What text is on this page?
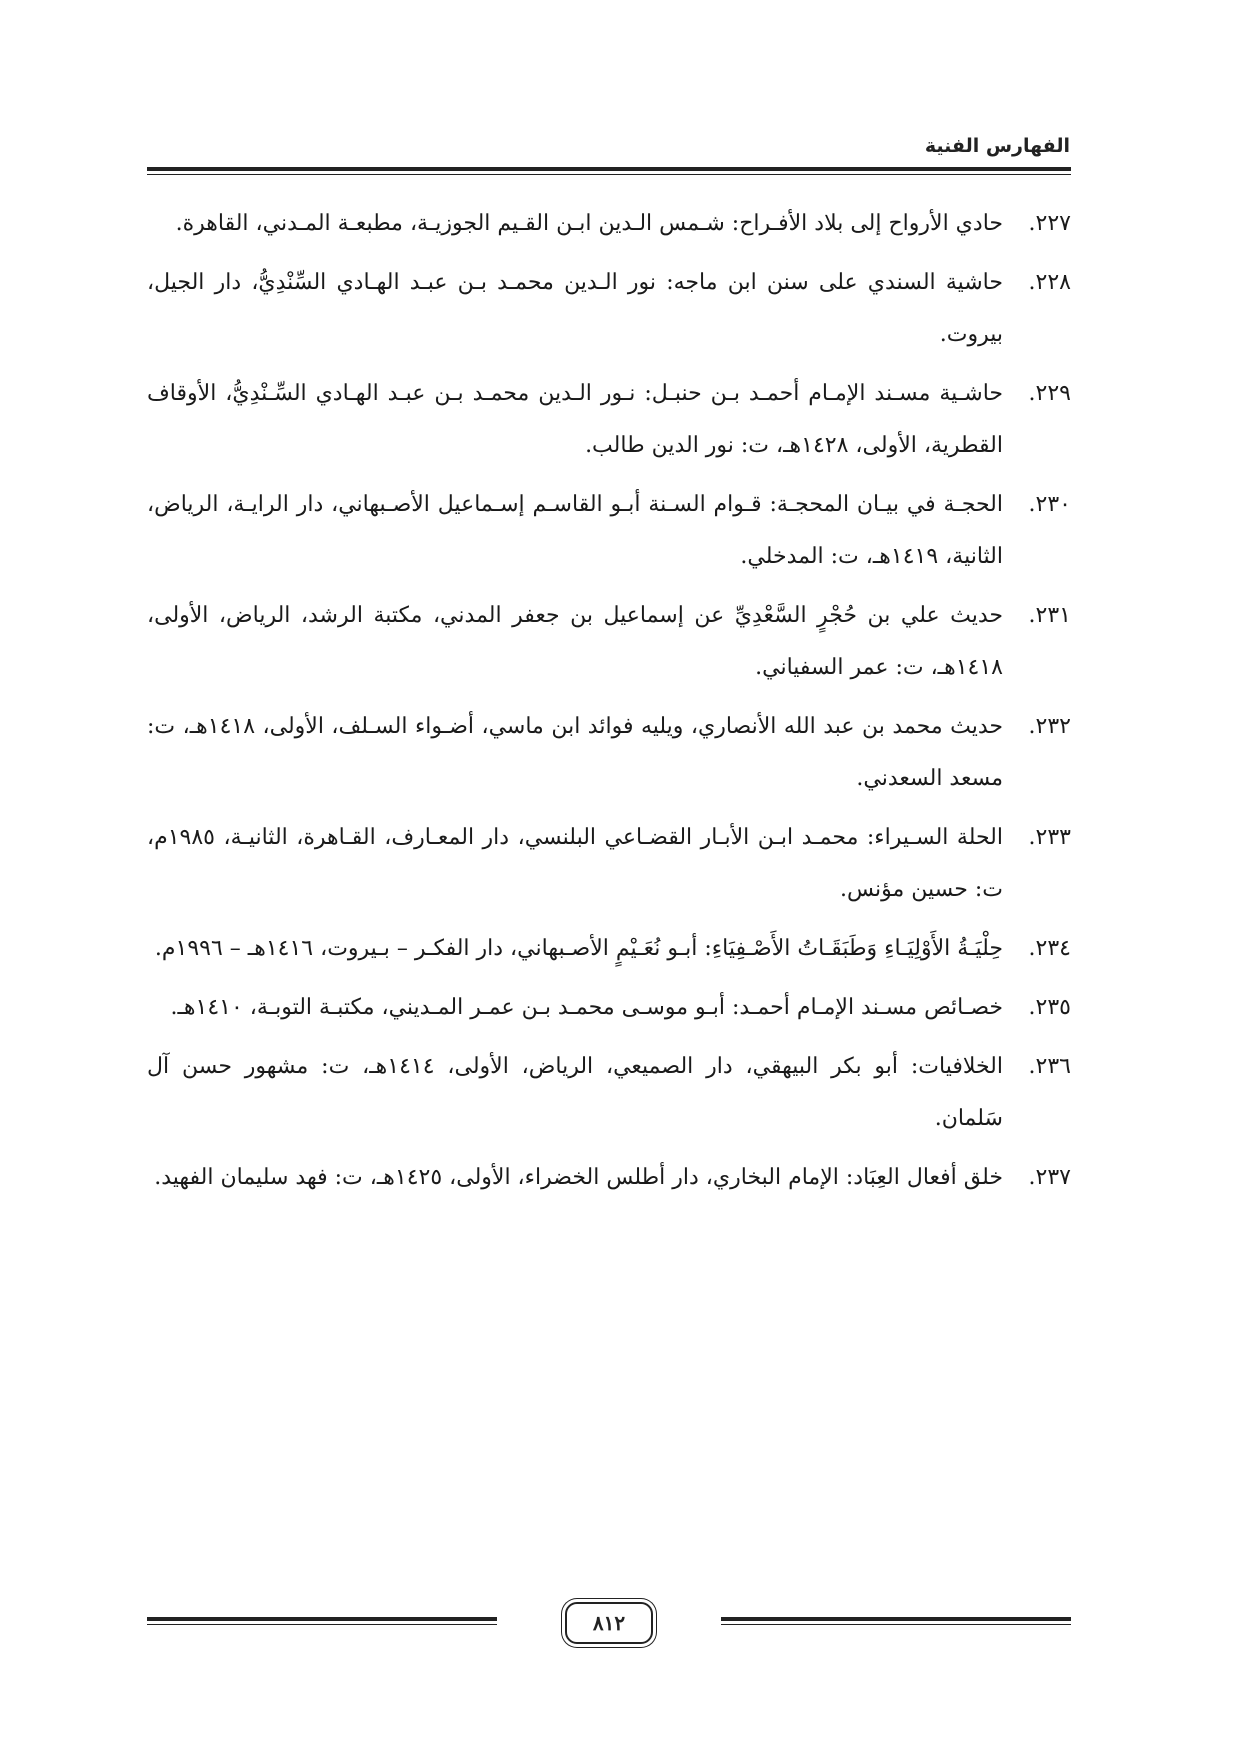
الفهارس الفنية
٢٢٧.
حادي الأرواح إلى بلاد الأفـراح: شـمس الـدين ابـن القـيم الجوزيـة، مطبعـة المـدني، القاهرة.
٢٢٨.
حاشية السندي على سنن ابن ماجه: نور الـدين محمـد بـن عبـد الهـادي السِّنْدِيُّ، دار الجيل، بيروت.
٢٢٩.
حاشـية مسـند الإمـام أحمـد بـن حنبـل: نـور الـدين محمـد بـن عبـد الهـادي السِّـنْدِيُّ، الأوقاف القطرية، الأولى، ١٤٢٨هـ، ت: نور الدين طالب.
٢٣٠.
الحجـة في بيـان المحجـة: قـوام السـنة أبـو القاسـم إسـماعيل الأصـبهاني، دار الرايـة، الرياض، الثانية، ١٤١٩هـ، ت: المدخلي.
٢٣١.
حديث علي بن حُجْرٍ السَّعْدِيِّ عن إسماعيل بن جعفر المدني، مكتبة الرشد، الرياض، الأولى، ١٤١٨هـ، ت: عمر السفياني.
٢٣٢.
حديث محمد بن عبد الله الأنصاري، ويليه فوائد ابن ماسي، أضـواء السـلف، الأولى، ١٤١٨هـ، ت: مسعد السعدني.
٢٣٣.
الحلة السـيراء: محمـد ابـن الأبـار القضـاعي البلنسي، دار المعـارف، القـاهرة، الثانيـة، ١٩٨٥م، ت: حسين مؤنس.
٢٣٤.
حِلْيَـةُ الأَوْلِيَـاءِ وَطَبَقَـاتُ الأَصْـفِيَاءِ: أبـو نُعَـيْمٍ الأصـبهاني، دار الفكـر – بـيروت، ١٤١٦هـ – ١٩٩٦م.
٢٣٥.
خصـائص مسـند الإمـام أحمـد: أبـو موسـى محمـد بـن عمـر المـديني، مكتبـة التوبـة، ١٤١٠هـ.
٢٣٦.
الخلافيات: أبو بكر البيهقي، دار الصميعي، الرياض، الأولى، ١٤١٤هـ، ت: مشهور حسن آل سَلمان.
٢٣٧.
خلق أفعال العِبَاد: الإمام البخاري، دار أطلس الخضراء، الأولى، ١٤٢٥هـ، ت: فهد سليمان الفهيد.
٨١٢
